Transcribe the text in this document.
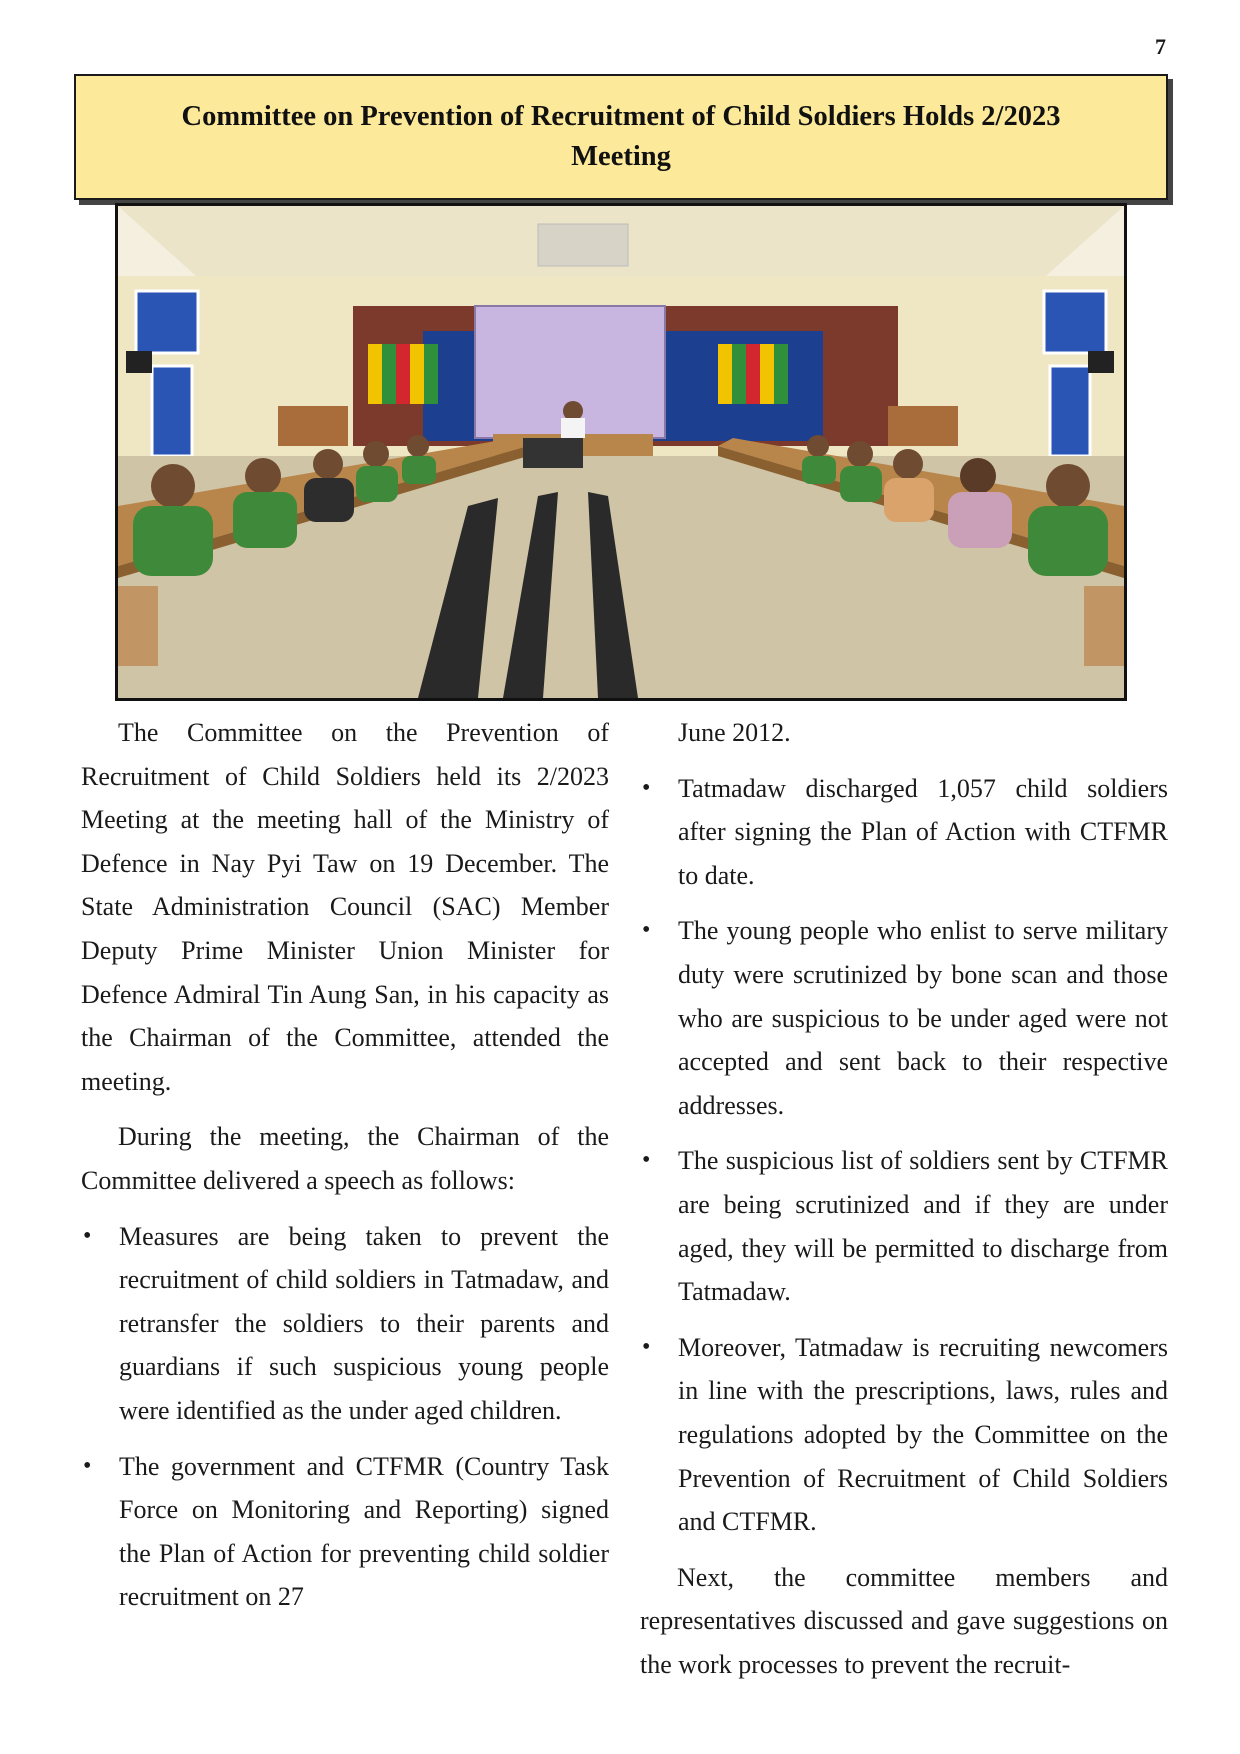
7
Committee on Prevention of Recruitment of Child Soldiers Holds 2/2023 Meeting

The Committee on the Prevention of Recruitment of Child Soldiers held its 2/2023 Meeting at the meeting hall of the Ministry of Defence in Nay Pyi Taw on 19 December. The State Administration Council (SAC) Member Deputy Prime Minister Union Minister for Defence Admiral Tin Aung San, in his capacity as the Chairman of the Committee, attended the meeting.

During the meeting, the Chairman of the Committee delivered a speech as follows:

• Measures are being taken to prevent the recruitment of child soldiers in Tatmadaw, and retransfer the soldiers to their parents and guardians if such suspicious young people were identified as the under aged children.
• The government and CTFMR (Country Task Force on Monitoring and Reporting) signed the Plan of Action for preventing child soldier recruitment on 27

June 2012.

• Tatmadaw discharged 1,057 child soldiers after signing the Plan of Action with CTFMR to date.
• The young people who enlist to serve military duty were scrutinized by bone scan and those who are suspicious to be under aged were not accepted and sent back to their respective addresses.
• The suspicious list of soldiers sent by CTFMR are being scrutinized and if they are under aged, they will be permitted to discharge from Tatmadaw.
• Moreover, Tatmadaw is recruiting newcomers in line with the prescriptions, laws, rules and regulations adopted by the Committee on the Prevention of Recruitment of Child Soldiers and CTFMR.

Next, the committee members and representatives discussed and gave suggestions on the work processes to prevent the recruit-
